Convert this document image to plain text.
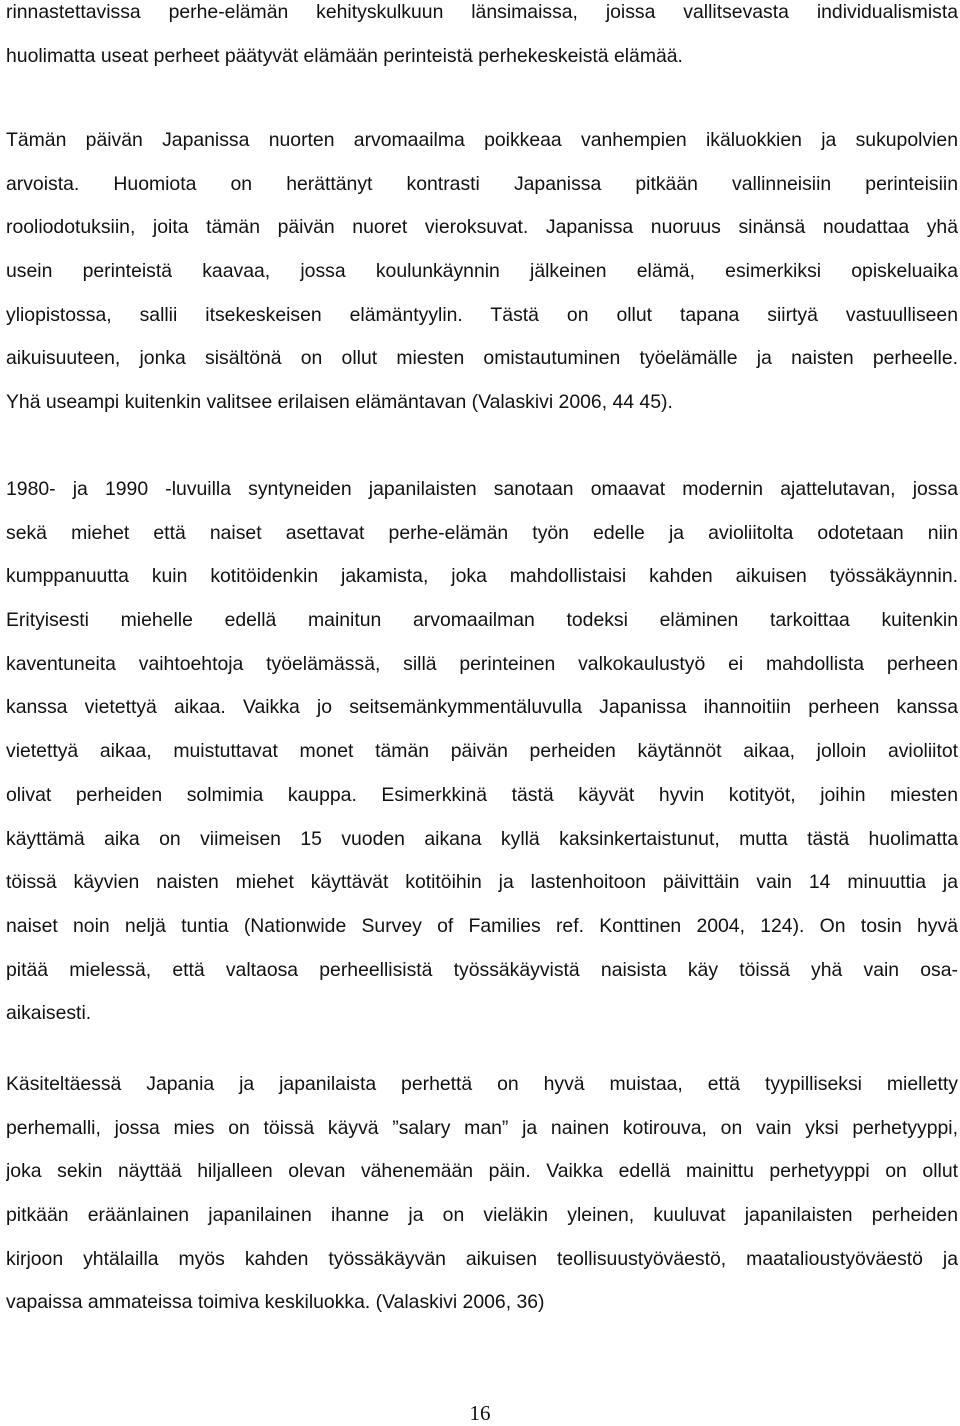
rinnastettavissa perhe-elämän kehityskulkuun länsimaissa, joissa vallitsevasta individualismista
huolimatta useat perheet päätyvät elämään perinteistä perhekeskeistä elämää.
Tämän päivän Japanissa nuorten arvomaailma poikkeaa vanhempien ikäluokkien ja sukupolvien
arvoista. Huomiota on herättänyt kontrasti Japanissa pitkään vallinneisiin perinteisiin
rooliodotuksiin, joita tämän päivän nuoret vieroksuvat. Japanissa nuoruus sinänsä noudattaa yhä
usein perinteistä kaavaa, jossa koulunkäynnin jälkeinen elämä, esimerkiksi opiskeluaika
yliopistossa, sallii itsekeskeisen elämäntyylin. Tästä on ollut tapana siirtyä vastuulliseen
aikuisuuteen, jonka sisältönä on ollut miesten omistautuminen työelämälle ja naisten perheelle.
Yhä useampi kuitenkin valitsee erilaisen elämäntavan (Valaskivi 2006, 44 45).
1980- ja 1990 -luvuilla syntyneiden japanilaisten sanotaan omaavat modernin ajattelutavan, jossa
sekä miehet että naiset asettavat perhe-elämän työn edelle ja avioliitolta odotetaan niin
kumppanuutta kuin kotitöidenkin jakamista, joka mahdollistaisi kahden aikuisen työssäkäynnin.
Erityisesti miehelle edellä mainitun arvomaailman todeksi eläminen tarkoittaa kuitenkin
kaventuneita vaihtoehtoja työelämässä, sillä perinteinen valkokaulustyö ei mahdollista perheen
kanssa vietettyä aikaa. Vaikka jo seitsemänkymmentäluvulla Japanissa ihannoitiin perheen kanssa
vietettyä aikaa, muistuttavat monet tämän päivän perheiden käytännöt aikaa, jolloin avioliitot
olivat perheiden solmimia kauppa. Esimerkkinä tästä käyvät hyvin kotityöt, joihin miesten
käyttämä aika on viimeisen 15 vuoden aikana kyllä kaksinkertaistunut, mutta tästä huolimatta
töissä käyvien naisten miehet käyttävät kotitöihin ja lastenhoitoon päivittäin vain 14 minuuttia ja
naiset noin neljä tuntia (Nationwide Survey of Families ref. Konttinen 2004, 124). On tosin hyvä
pitää mielessä, että valtaosa perheellisistä työssäkäyvistä naisista käy töissä yhä vain osa-
aikaisesti.
Käsiteltäessä Japania ja japanilaista perhettä on hyvä muistaa, että tyypilliseksi mielletty
perhemalli, jossa mies on töissä käyvä ”salary man” ja nainen kotirouva, on vain yksi perhetyyppi,
joka sekin näyttää hiljalleen olevan vähenemään päin. Vaikka edellä mainittu perhetyyppi on ollut
pitkään eräänlainen japanilainen ihanne ja on vieläkin yleinen, kuuluvat japanilaisten perheiden
kirjoon yhtälailla myös kahden työssäkäyvän aikuisen teollisuustyöväestö, maatalioustyöväestö ja
vapaissa ammateissa toimiva keskiluokka. (Valaskivi 2006, 36)
16
